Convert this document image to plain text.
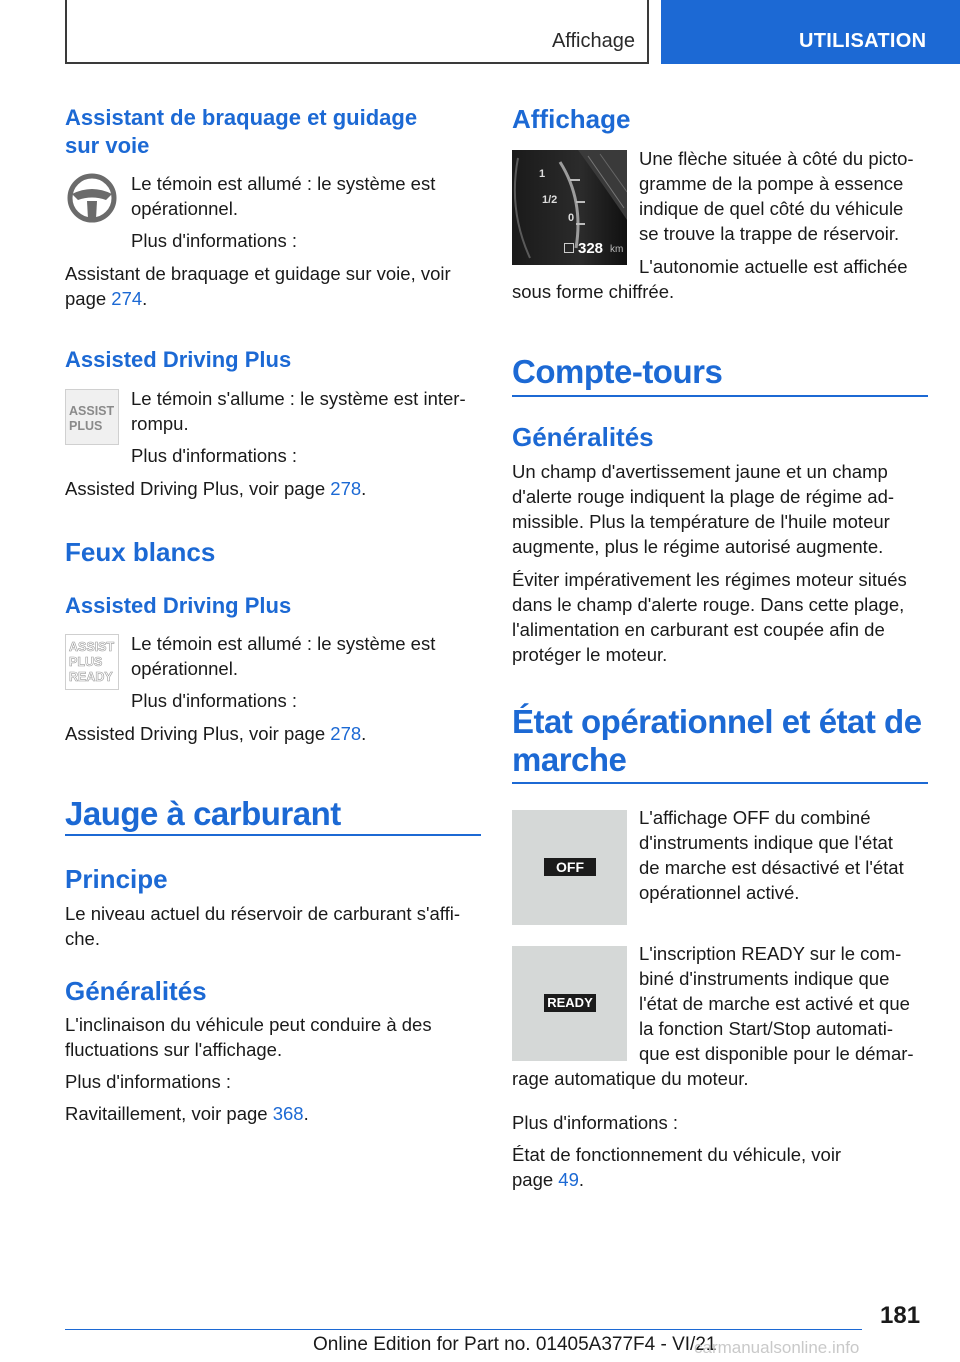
Affichage	UTILISATION
Assistant de braquage et guidage
sur voie
Le témoin est allumé : le système est
opérationnel.
Plus d'informations :
Assistant de braquage et guidage sur voie, voir
page 274.
Assisted Driving Plus
ASSIST
PLUS
Le témoin s'allume : le système est inter‐
rompu.
Plus d'informations :
Assisted Driving Plus, voir page 278.
Feux blancs
Assisted Driving Plus
ASSIST
PLUS
READY
Le témoin est allumé : le système est
opérationnel.
Plus d'informations :
Assisted Driving Plus, voir page 278.
Jauge à carburant
Principe
Le niveau actuel du réservoir de carburant s'affi‐
che.
Généralités
L'inclinaison du véhicule peut conduire à des
fluctuations sur l'affichage.
Plus d'informations :
Ravitaillement, voir page 368.
Affichage
1
1/2
0
328 km
Une flèche située à côté du picto‐
gramme de la pompe à essence
indique de quel côté du véhicule
se trouve la trappe de réservoir.
L'autonomie actuelle est affichée
sous forme chiffrée.
Compte-tours
Généralités
Un champ d'avertissement jaune et un champ
d'alerte rouge indiquent la plage de régime ad‐
missible. Plus la température de l'huile moteur
augmente, plus le régime autorisé augmente.
Éviter impérativement les régimes moteur situés
dans le champ d'alerte rouge. Dans cette plage,
l'alimentation en carburant est coupée afin de
protéger le moteur.
État opérationnel et état de
marche
OFF
L'affichage OFF du combiné
d'instruments indique que l'état
de marche est désactivé et l'état
opérationnel activé.
READY
L'inscription READY sur le com‐
biné d'instruments indique que
l'état de marche est activé et que
la fonction Start/Stop automati‐
que est disponible pour le démar‐
rage automatique du moteur.
Plus d'informations :
État de fonctionnement du véhicule, voir
page 49.
181
Online Edition for Part no. 01405A377F4 - VI/21
carmanualsonline.info
